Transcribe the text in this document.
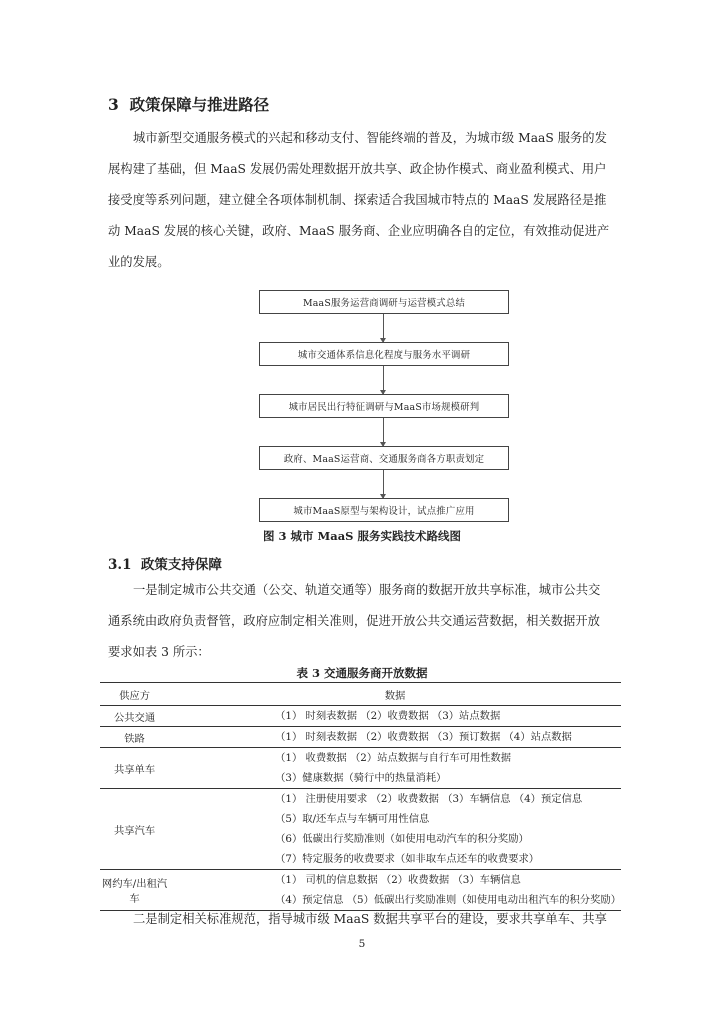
3 政策保障与推进路径
城市新型交通服务模式的兴起和移动支付、智能终端的普及，为城市级 MaaS 服务的发
展构建了基础，但 MaaS 发展仍需处理数据开放共享、政企协作模式、商业盈利模式、用户
接受度等系列问题，建立健全各项体制机制、探索适合我国城市特点的 MaaS 发展路径是推
动 MaaS 发展的核心关键，政府、MaaS 服务商、企业应明确各自的定位，有效推动促进产
业的发展。
MaaS服务运营商调研与运营模式总结
城市交通体系信息化程度与服务水平调研
城市居民出行特征调研与MaaS市场规模研判
政府、MaaS运营商、交通服务商各方职责划定
城市MaaS原型与架构设计，试点推广应用
图 3 城市 MaaS 服务实践技术路线图
3.1 政策支持保障
一是制定城市公共交通（公交、轨道交通等）服务商的数据开放共享标准，城市公共交
通系统由政府负责督管，政府应制定相关准则，促进开放公共交通运营数据，相关数据开放
要求如表 3 所示：
表 3 交通服务商开放数据
供应方	数据
公共交通	（1） 时刻表数据 （2）收费数据 （3）站点数据

铁路	（1） 时刻表数据 （2）收费数据 （3）预订数据 （4）站点数据

共享单车	（1） 收费数据 （2）站点数据与自行车可用性数据
（3）健康数据（骑行中的热量消耗）

共享汽车	（1） 注册使用要求 （2）收费数据 （3）车辆信息 （4）预定信息
（5）取/还车点与车辆可用性信息
（6）低碳出行奖励准则（如使用电动汽车的积分奖励）
（7）特定服务的收费要求（如非取车点还车的收费要求）

网约车/出租汽车	（1） 司机的信息数据 （2）收费数据 （3）车辆信息
（4）预定信息 （5）低碳出行奖励准则（如使用电动出租汽车的积分奖励）
二是制定相关标准规范，指导城市级 MaaS 数据共享平台的建设，要求共享单车、共享
5
